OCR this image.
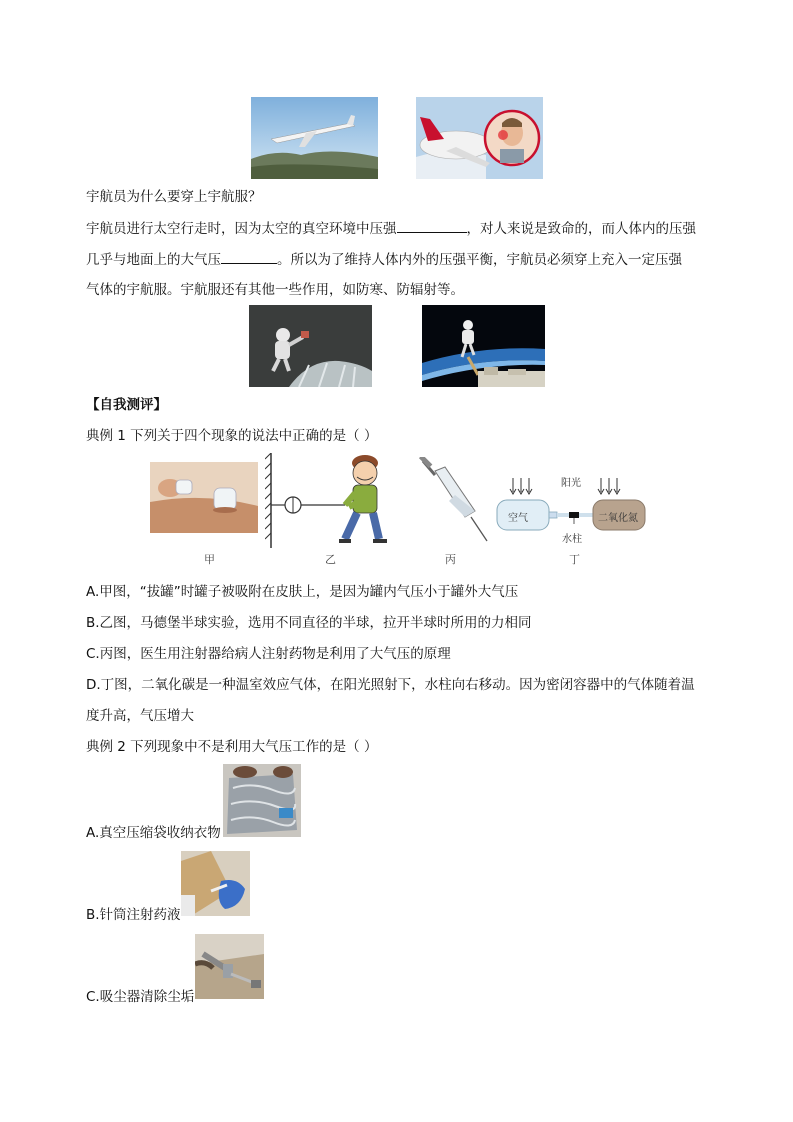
宇航员为什么要穿上宇航服？
宇航员进行太空行走时，因为太空的真空环境中压强	，对人来说是致命的，而人体内的压强
几乎与地面上的大气压	。所以为了维持人体内外的压强平衡，宇航员必须穿上充入一定压强
气体的宇航服。宇航服还有其他一些作用，如防寒、防辐射等。
【自我测评】
典例 1 下列关于四个现象的说法中正确的是（ ）
阳光
空气	二氧化氮
水柱
甲	乙	丙	丁
A.甲图，“拔罐”时罐子被吸附在皮肤上，是因为罐内气压小于罐外大气压
B.乙图，马德堡半球实验，选用不同直径的半球，拉开半球时所用的力相同
C.丙图，医生用注射器给病人注射药物是利用了大气压的原理
D.丁图，二氧化碳是一种温室效应气体，在阳光照射下，水柱向右移动。因为密闭容器中的气体随着温
度升高，气压增大
典例 2 下列现象中不是利用大气压工作的是（ ）
A.真空压缩袋收纳衣物
B.针筒注射药液
C.吸尘器清除尘垢
